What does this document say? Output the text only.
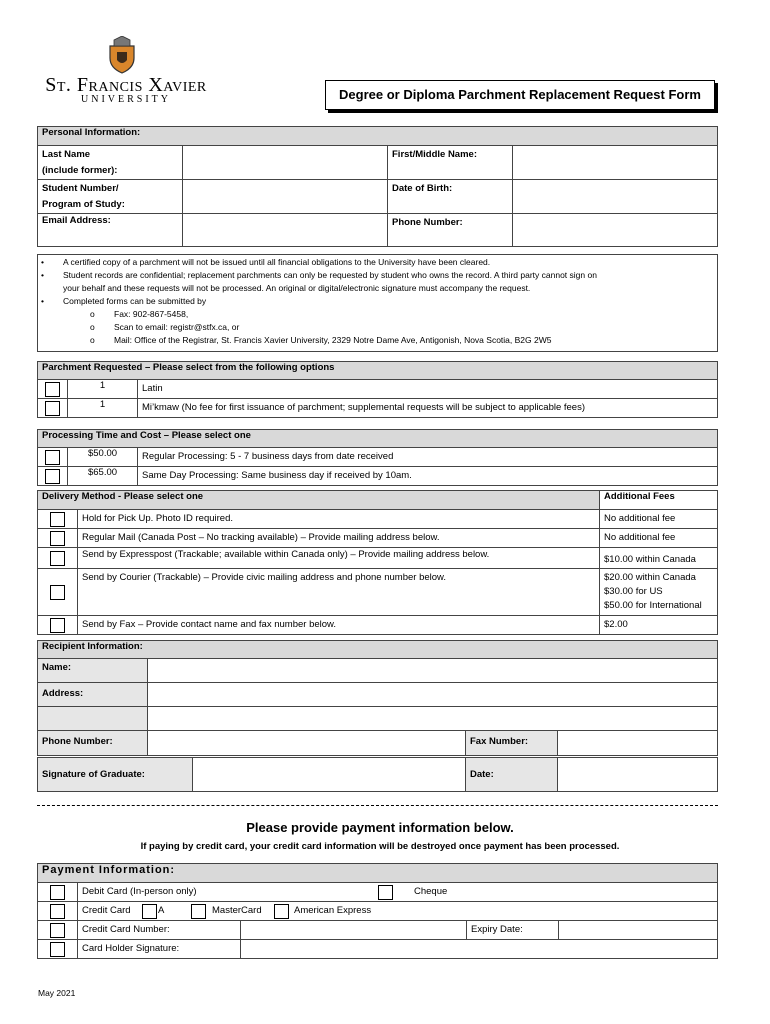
St. Francis Xavier
UNIVERSITY	Degree or Diploma Parchment Replacement Request Form
Personal Information:			
Last Name
(include former):		First/Middle Name:	
Student Number/
Program of Study:		Date of Birth:	
Email Address:		Phone Number:	
• A certified copy of a parchment will not be issued until all financial obligations to the University have been cleared.
• Student records are confidential; replacement parchments can only be requested by student who owns the record. A third party cannot sign on
your behalf and these requests will not be processed. An original or digital/electronic signature must accompany the request.
• Completed forms can be submitted by
o Fax: 902-867-5458,
o Scan to email: registr@stfx.ca, or
o Mail: Office of the Registrar, St. Francis Xavier University, 2329 Notre Dame Ave, Antigonish, Nova Scotia, B2G 2W5
Parchment Requested – Please select from the following options		
	1	Latin
	1	Mi’kmaw (No fee for first issuance of parchment; supplemental requests will be subject to applicable fees)
Processing Time and Cost – Please select one		
	$50.00	Regular Processing: 5 - 7 business days from date received
	$65.00	Same Day Processing: Same business day if received by 10am.
Delivery Method - Please select one		Additional Fees
	Hold for Pick Up. Photo ID required.	No additional fee
	Regular Mail (Canada Post – No tracking available) – Provide mailing address below.	No additional fee
	Send by Expresspost (Trackable; available within Canada only) – Provide mailing address below.	$10.00 within Canada
	Send by Courier (Trackable) – Provide civic mailing address and phone number below.	$20.00 within Canada
$30.00 for US
$50.00 for International
	Send by Fax – Provide contact name and fax number below.	$2.00
Recipient Information:			
Name:			
Address:			

Phone Number:		Fax Number:	
Signature of Graduate:		Date:	
Please provide payment information below.
If paying by credit card, your credit card information will be destroyed once payment has been processed.
Payment Information:				
	Debit Card (In-person only) Cheque			

	Credit Card A MasterCard American Express			

	Credit Card Number:		Expiry Date:	
	Card Holder Signature:			
May 2021
